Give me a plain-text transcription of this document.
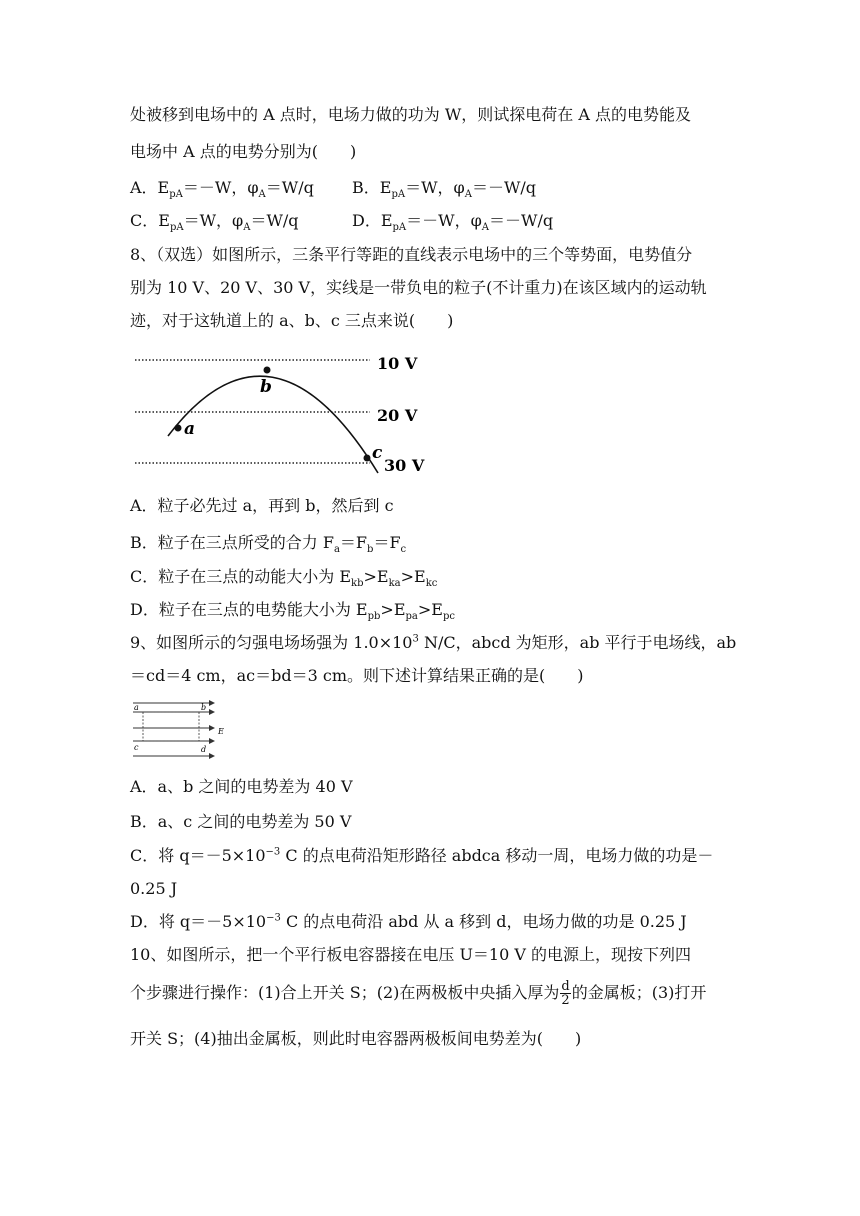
处被移到电场中的 A 点时，电场力做的功为 W，则试探电荷在 A 点的电势能及
电场中 A 点的电势分别为(　　)
A．$E_{pA}=-W$，$\varphi_A=W/q$ B．$E_{pA}=W$，$\varphi_A=-W/q$
C．$E_{pA}=W$，$\varphi_A=W/q$	D．$E_{pA}=-W$，$\varphi_A=-W/q$
8、（双选）如图所示，三条平行等距的直线表示电场中的三个等势面，电势值分
别为 10 V、20 V、30 V，实线是一带负电的粒子(不计重力)在该区域内的运动轨
迹，对于这轨道上的 a、b、c 三点来说(　　)
a
b
c
10 V
20 V
30 V
A．粒子必先过 a，再到 b，然后到 c
B．粒子在三点所受的合力 $F_a=F_b=F_c$
C．粒子在三点的动能大小为 $E_{kb}>E_{ka}>E_{kc}$
D．粒子在三点的电势能大小为 $E_{pb}>E_{pa}>E_{pc}$
9、如图所示的匀强电场场强为 $1.0\times 10^3$ N/C，abcd 为矩形，ab 平行于电场线，ab
＝cd＝4 cm，ac＝bd＝3 cm。则下述计算结果正确的是(　　)
a	b
c	d
E
A．a、b 之间的电势差为 40 V
B．a、c 之间的电势差为 50 V
C．将 $q=-5\times 10^{-3}$ C 的点电荷沿矩形路径 abdca 移动一周，电场力做的功是－
0.25 J
D．将 $q=-5\times 10^{-3}$ C 的点电荷沿 abd 从 a 移到 d，电场力做的功是 0.25 J
10、如图所示，把一个平行板电容器接在电压 U＝10 V 的电源上，现按下列四
个步骤进行操作：(1)合上开关 S；(2)在两极板中央插入厚为 $\frac{d}{2}$ 的金属板；(3)打开
开关 S；(4)抽出金属板，则此时电容器两极板间电势差为(　　)
